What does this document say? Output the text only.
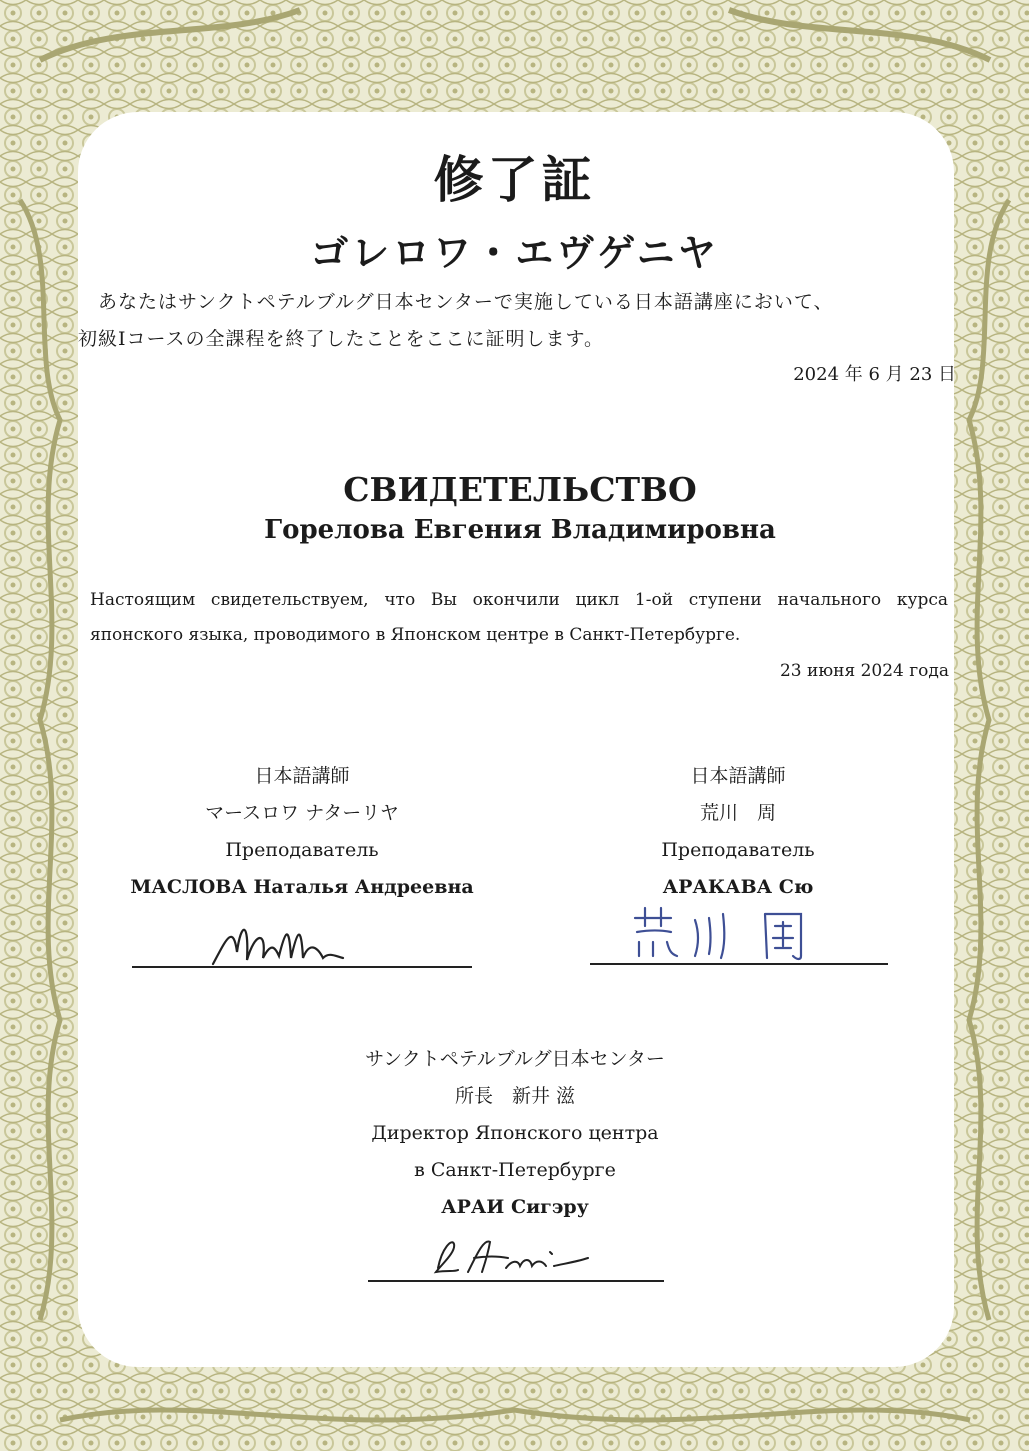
修了証
ゴレロワ・エヴゲニヤ
あなたはサンクトペテルブルグ日本センターで実施している日本語講座において、
初級Iコースの全課程を終了したことをここに証明します。
2024 年 6 月 23 日
СВИДЕТЕЛЬСТВО
Горелова Евгения Владимировна
Настоящим свидетельствуем, что Вы окончили цикл 1-ой ступени начального курса
японского языка, проводимого в Японском центре в Санкт-Петербурге.
23 июня 2024 года
日本語講師
マースロワ ナターリヤ
Преподаватель
МАСЛОВА Наталья Андреевна
日本語講師
荒川　周
Преподаватель
АРАКАВА Сю
サンクトペテルブルグ日本センター
所長　新井 滋
Директор Японского центра
в Санкт-Петербурге
АРАИ Сигэру
